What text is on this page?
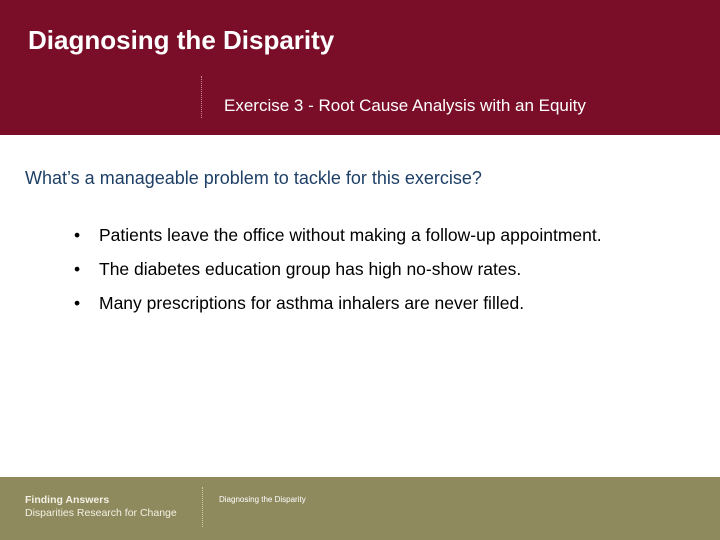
Diagnosing the Disparity
Exercise 3 - Root Cause Analysis with an Equity
What’s a manageable problem to tackle for this exercise?
• Patients leave the office without making a follow-up appointment.
• The diabetes education group has high no-show rates.
• Many prescriptions for asthma inhalers are never filled.
Finding Answers
Disparities Research for Change
Diagnosing the Disparity
